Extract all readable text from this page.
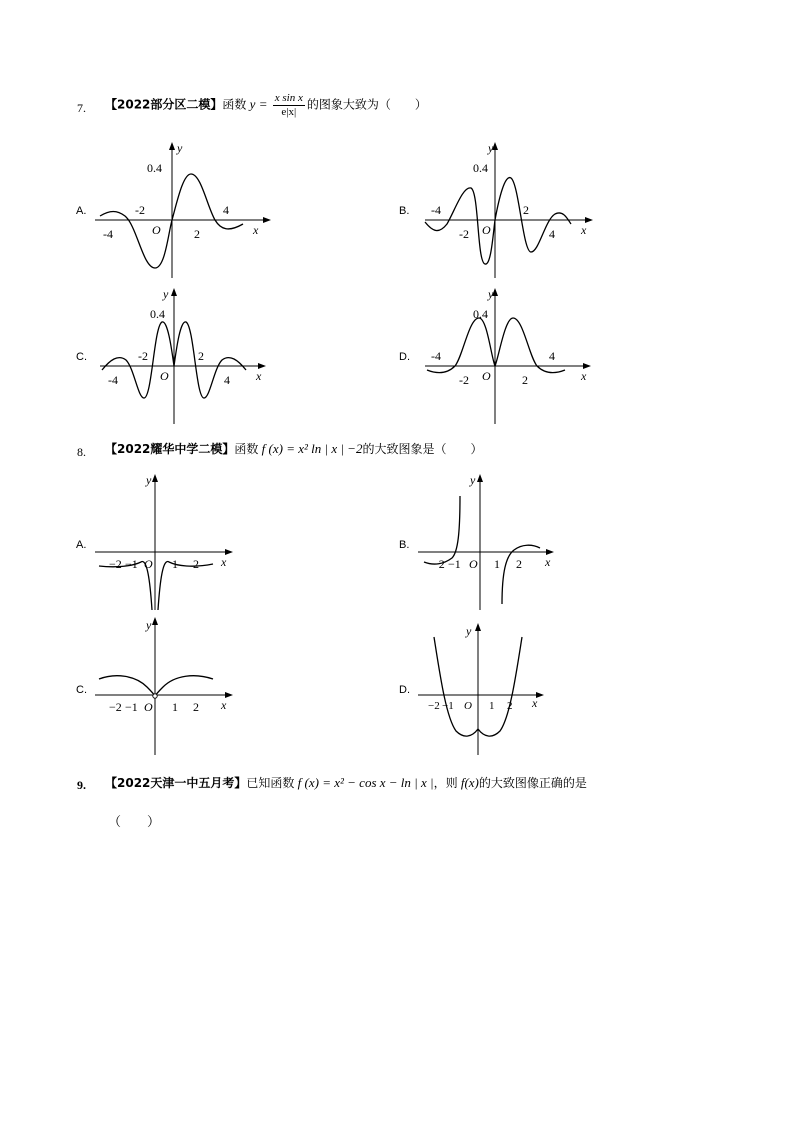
7. 【2022部分区二模】函数 $y = \frac{\text{x sin x}}{e|x|}$ 的图象大致为（　　）
A.
y
x
O
0.4
-2
-4	2
4	B.
y
x
O
0.4
-4
-2
2
4
C.
y
x
O
0.4
-2	2
-4	4
D.
y
x
O
0.4
-4
-2	2
4
8. 【2022耀华中学二模】函数 f (x) = x² ln | x | −2的大致图象是（　　）
A.
y
x
−2 −1 O 1 2
B.
y
x
−2 −1 O 1 2
C.
y
x
−2 −1 O 1 2
D.
y
x
−2 −1 O 1 2
9. 【2022天津一中五月考】已知函数 f (x) = x² − cos x − ln | x |，则 f(x)的大致图像正确的是
（　　）
